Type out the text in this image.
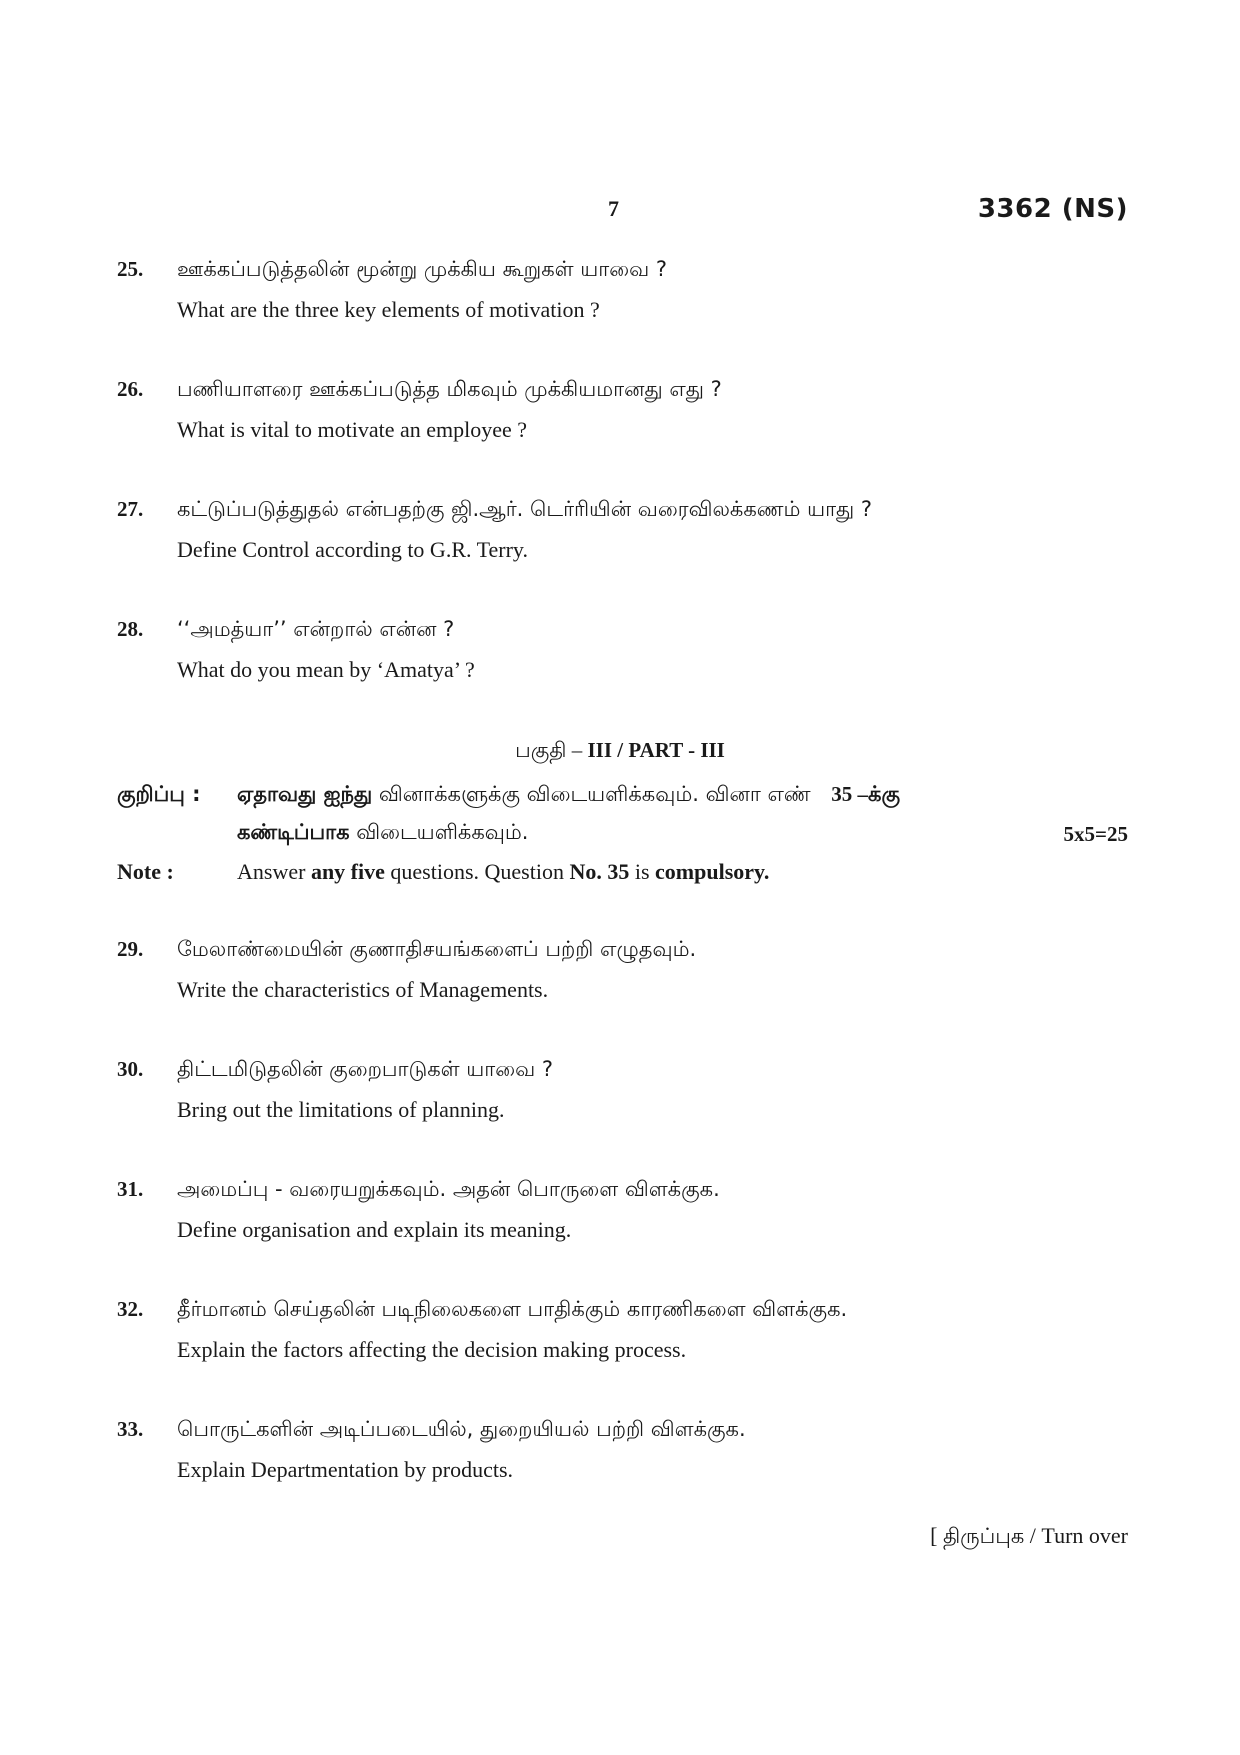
7	3362 (NS)
25. ஊக்கப்படுத்தலின் மூன்று முக்கிய கூறுகள் யாவை ?
What are the three key elements of motivation ?
26. பணியாளரை ஊக்கப்படுத்த மிகவும் முக்கியமானது எது ?
What is vital to motivate an employee ?
27. கட்டுப்படுத்துதல் என்பதற்கு ஜி.ஆர். டெர்ரியின் வரைவிலக்கணம் யாது ?
Define Control according to G.R. Terry.
28. ‘‘அமத்யா’’ என்றால் என்ன ?
What do you mean by ‘Amatya’ ?
பகுதி – III / PART - III
குறிப்பு : ஏதாவது ஐந்து வினாக்களுக்கு விடையளிக்கவும். வினா எண் 35 –க்கு
கண்டிப்பாக விடையளிக்கவும்.	5x5=25
Note :	Answer any five questions. Question No. 35 is compulsory.
29. மேலாண்மையின் குணாதிசயங்களைப் பற்றி எழுதவும்.
Write the characteristics of Managements.
30. திட்டமிடுதலின் குறைபாடுகள் யாவை ?
Bring out the limitations of planning.
31. அமைப்பு - வரையறுக்கவும். அதன் பொருளை விளக்குக.
Define organisation and explain its meaning.
32. தீர்மானம் செய்தலின் படிநிலைகளை பாதிக்கும் காரணிகளை விளக்குக.
Explain the factors affecting the decision making process.
33. பொருட்களின் அடிப்படையில், துறையியல் பற்றி விளக்குக.
Explain Departmentation by products.
[ திருப்புக / Turn over
